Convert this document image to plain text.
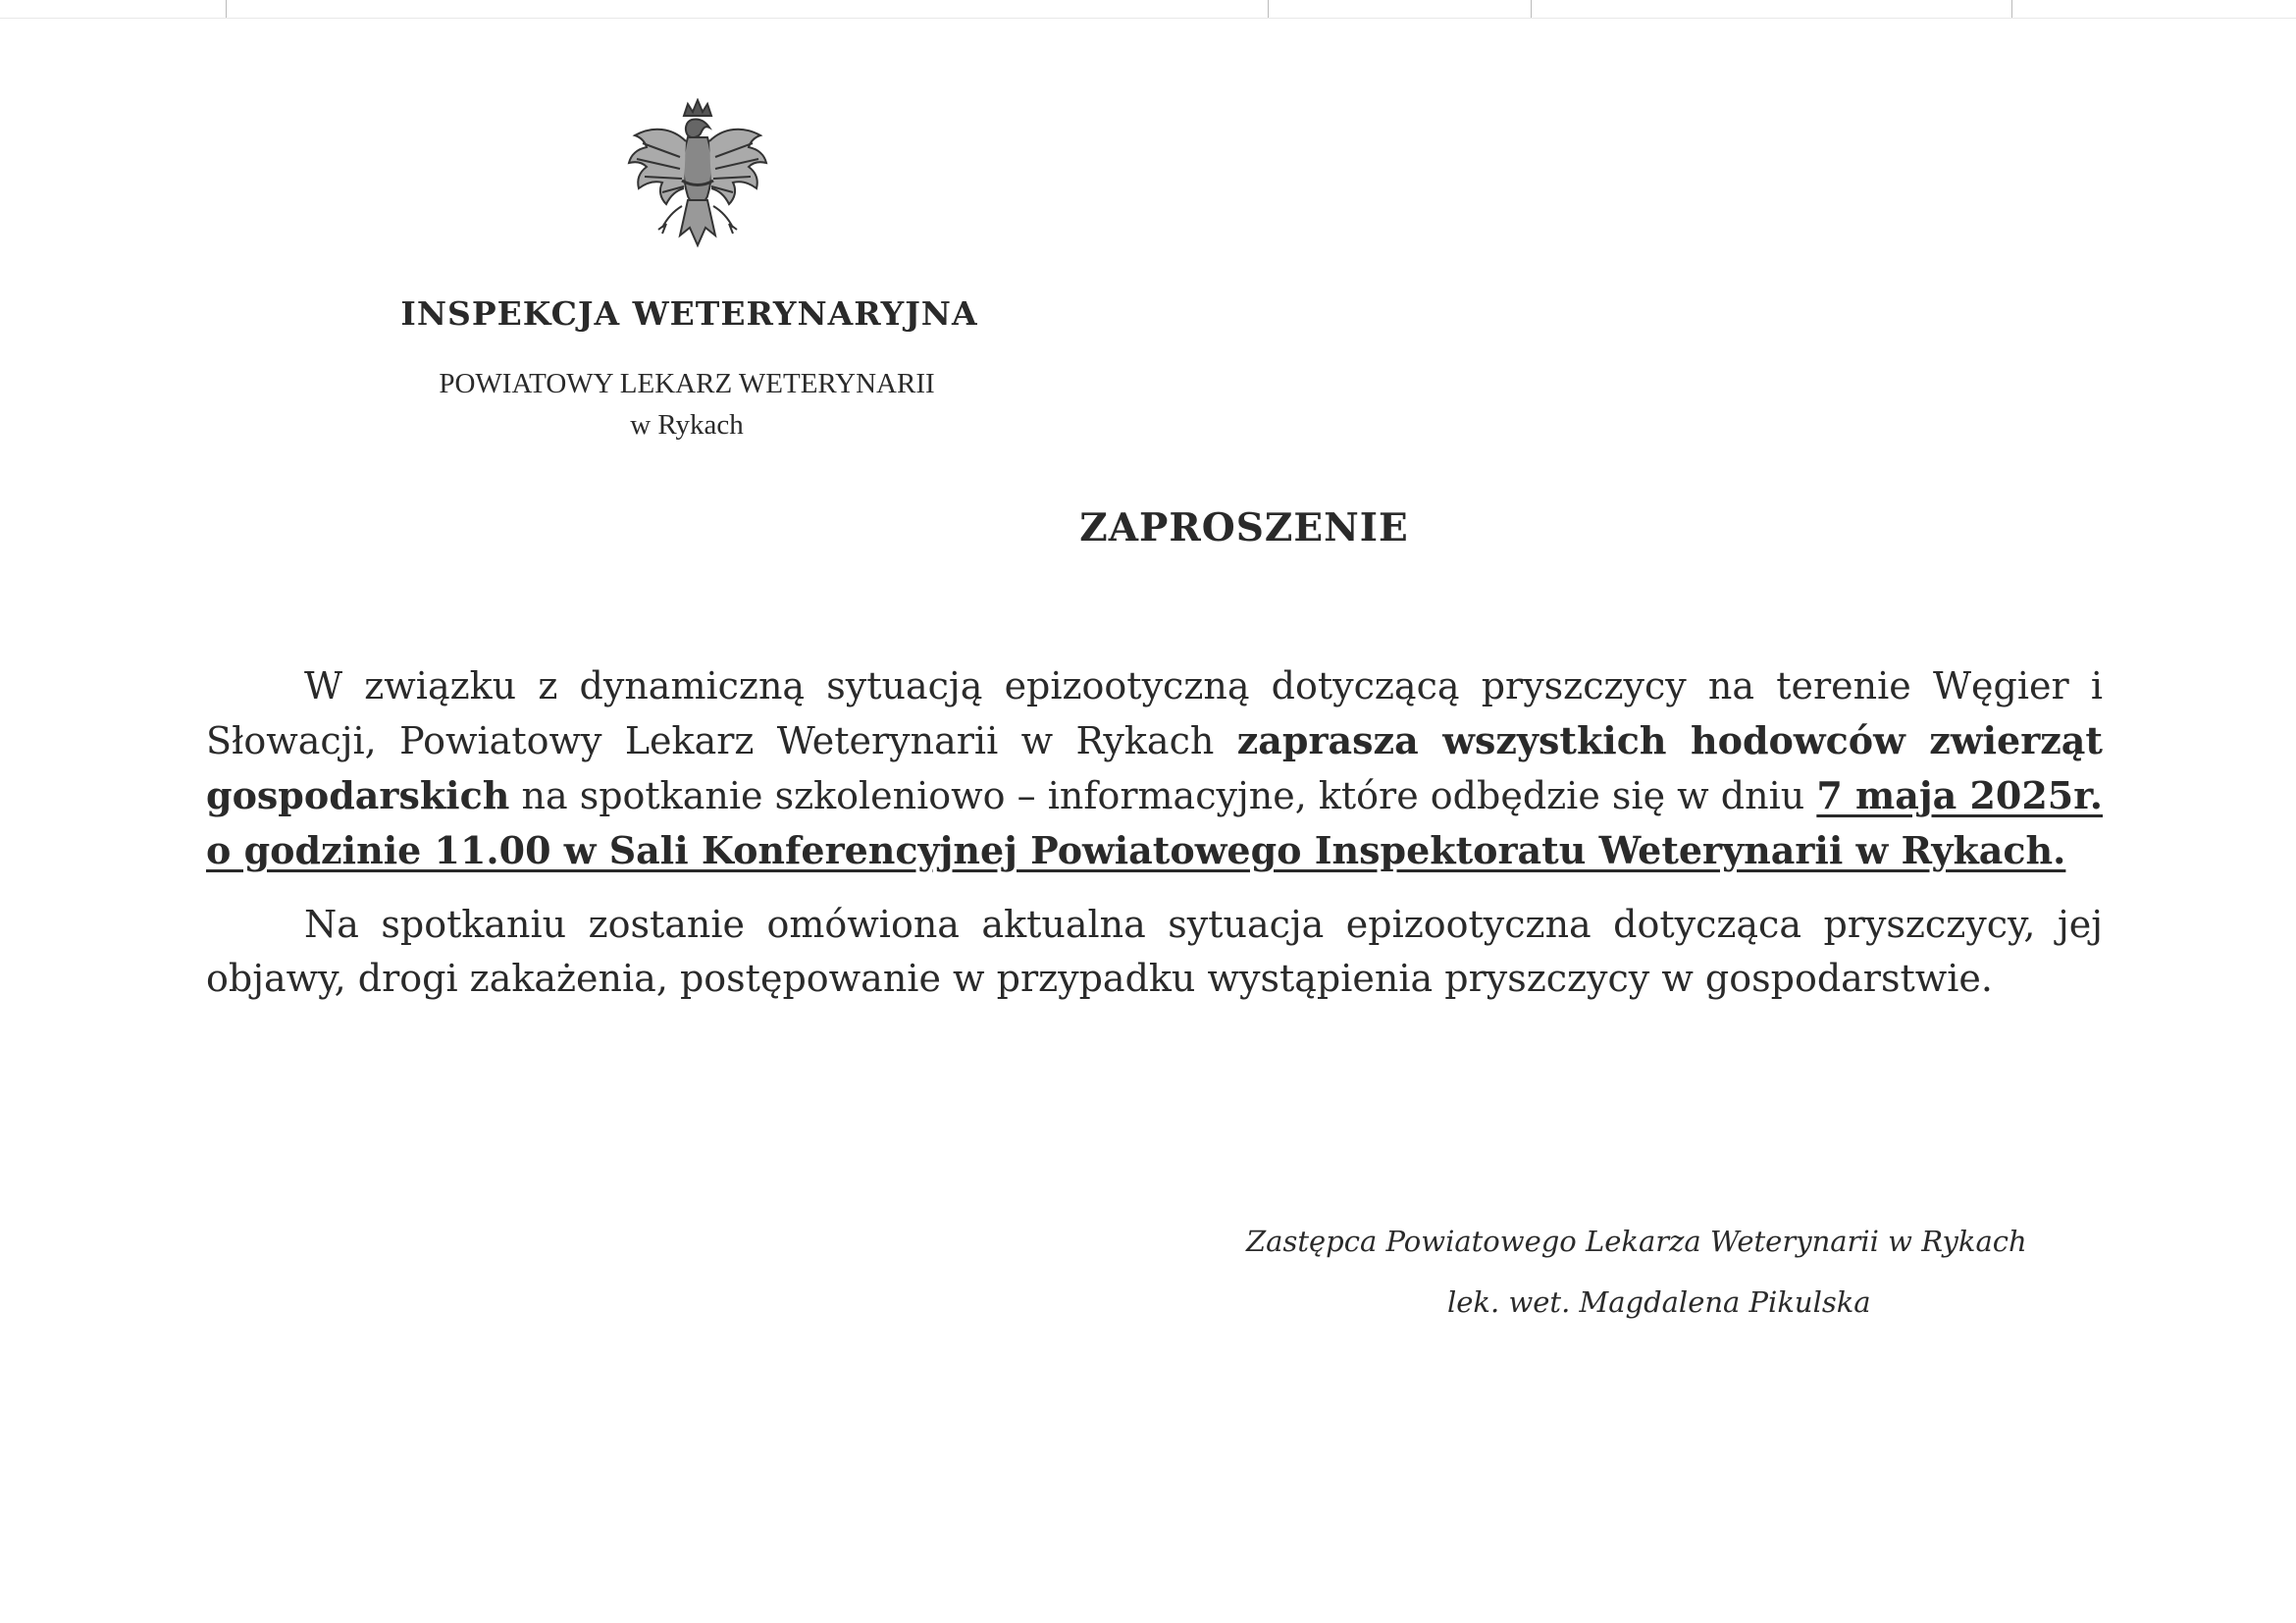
INSPEKCJA WETERYNARYJNA
POWIATOWY LEKARZ WETERYNARII
w Rykach
ZAPROSZENIE

W związku z dynamiczną sytuacją epizootyczną dotyczącą pryszczycy na terenie Węgier i Słowacji, Powiatowy Lekarz Weterynarii w Rykach zaprasza wszystkich hodowców zwierząt gospodarskich na spotkanie szkoleniowo – informacyjne, które odbędzie się w dniu 7 maja 2025r. o godzinie 11.00 w Sali Konferencyjnej Powiatowego Inspektoratu Weterynarii w Rykach.

Na spotkaniu zostanie omówiona aktualna sytuacja epizootyczna dotycząca pryszczycy, jej objawy, drogi zakażenia, postępowanie w przypadku wystąpienia pryszczycy w gospodarstwie.

Zastępca Powiatowego Lekarza Weterynarii w Rykach
lek. wet. Magdalena Pikulska
